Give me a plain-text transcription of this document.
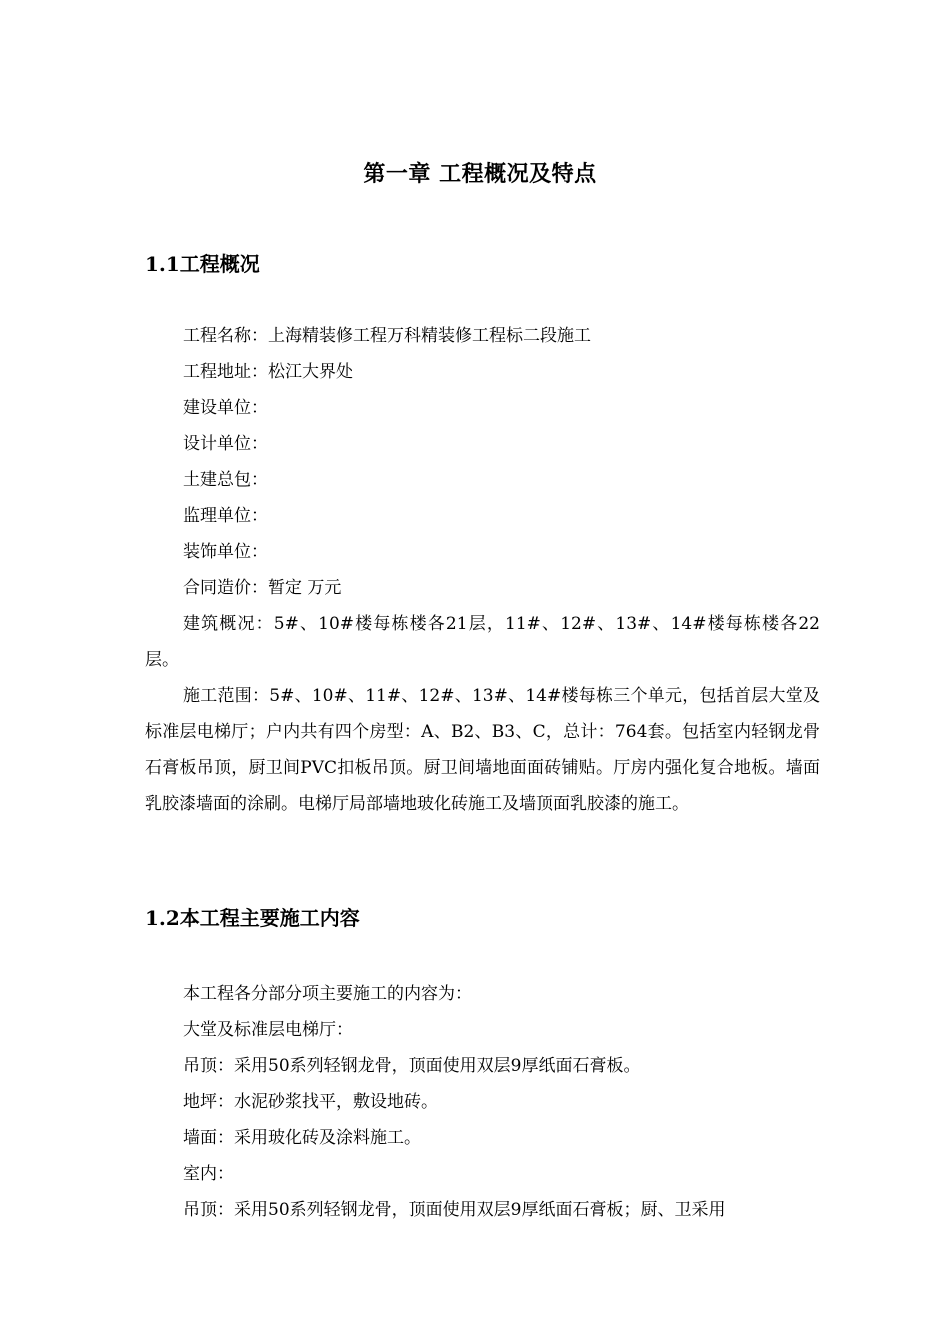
第一章 工程概况及特点
1.1工程概况

工程名称：上海精装修工程万科精装修工程标二段施工

工程地址：松江大界处

建设单位：

设计单位：

土建总包：

监理单位：

装饰单位：

合同造价：暂定 万元

建筑概况：5#、10#楼每栋楼各21层，11#、12#、13#、14#楼每栋楼各22层。

施工范围：5#、10#、11#、12#、13#、14#楼每栋三个单元，包括首层大堂及标准层电梯厅；户内共有四个房型：A、B2、B3、C，总计：764套。包括室内轻钢龙骨石膏板吊顶，厨卫间PVC扣板吊顶。厨卫间墙地面面砖铺贴。厅房内强化复合地板。墙面乳胶漆墙面的涂刷。电梯厅局部墙地玻化砖施工及墙顶面乳胶漆的施工。

1.2本工程主要施工内容

本工程各分部分项主要施工的内容为：

大堂及标准层电梯厅：

吊顶：采用50系列轻钢龙骨，顶面使用双层9厚纸面石膏板。

地坪：水泥砂浆找平，敷设地砖。

墙面：采用玻化砖及涂料施工。

室内：

吊顶：采用50系列轻钢龙骨，顶面使用双层9厚纸面石膏板；厨、卫采用
